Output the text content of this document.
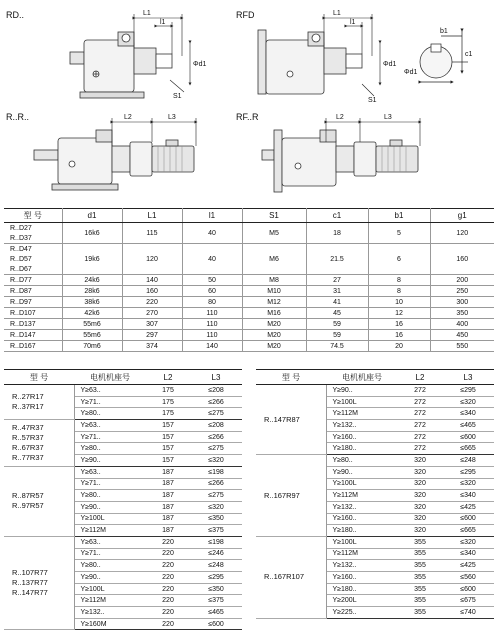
RD..	RFD
R..R..	RF..R
L1
l1
Φd1
S1
L1
l1
Φd1
S1
b1
c1
Φd1
L2	L3	L2	L3
型 号	d1	L1	l1	S1	c1	b1	g1
R..D27	16k6	115	40	M5	18	5	120
R..D37							
R..D47	19k6	120	40	M6	21.5	6	160
R..D57							
R..D67							
R..D77	24k6	140	50	M8	27	8	200
R..D87	28k6	160	60	M10	31	8	250
R..D97	38k6	220	80	M12	41	10	300
R..D107	42k6	270	110	M16	45	12	350
R..D137	55m6	307	110	M20	59	16	400
R..D147	55m6	297	110	M20	59	16	450
R..D167	70m6	374	140	M20	74.5	20	550
型 号	电机机座号	L2	L3

R..27R17
R..37R17	Y≥63..	175	≤208
	Y≥71..	175	≤266
	Y≥80..	175	≤275

R..47R37
R..57R37
R..67R37
R..77R37	Y≥63..	157	≤208
	Y≥71..	157	≤266
	Y≥80..	157	≤275
	Y≥90..	157	≤320

R..87R57
R..97R57	Y≥63..	187	≤198
	Y≥71..	187	≤266
	Y≥80..	187	≤275
	Y≥90..	187	≤320
	Y≥100L	187	≤350
	Y≥112M	187	≤375

R..107R77
R..137R77
R..147R77	Y≥63..	220	≤198
	Y≥71..	220	≤246
	Y≥80..	220	≤248
	Y≥90..	220	≤295
	Y≥100L	220	≤350
	Y≥112M	220	≤375
	Y≥132..	220	≤465
	Y≥160M	220	≤600
型 号	电机机座号	L2	L3

R..147R87	Y≥90..	272	≤295
	Y≥100L	272	≤320
	Y≥112M	272	≤340
	Y≥132..	272	≤465
	Y≥160..	272	≤600
	Y≥180..	272	≤665

R..167R97	Y≥80..	320	≤248
	Y≥90..	320	≤295
	Y≥100L	320	≤320
	Y≥112M	320	≤340
	Y≥132..	320	≤425
	Y≥160..	320	≤600
	Y≥180..	320	≤665

R..167R107	Y≥100L	355	≤320
	Y≥112M	355	≤340
	Y≥132..	355	≤425
	Y≥160..	355	≤560
	Y≥180..	355	≤600
	Y≥200L	355	≤675
	Y≥225..	355	≤740
